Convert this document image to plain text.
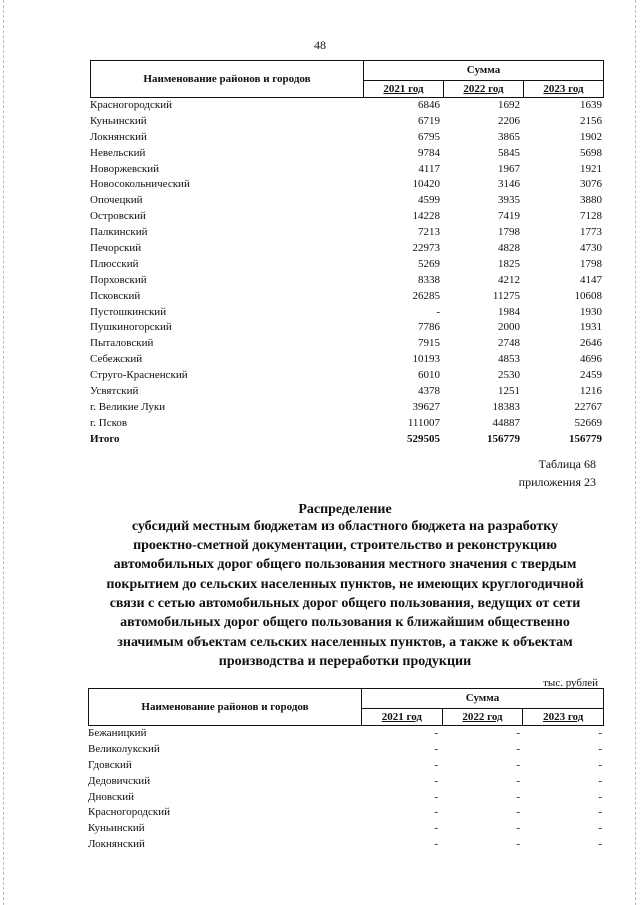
48
Наименование районов и городов
Сумма
2021 год	2022 год	2023 год
Красногородский	6846	1692	1639
Куньинский	6719	2206	2156
Локнянский	6795	3865	1902
Невельский	9784	5845	5698
Новоржевский	4117	1967	1921
Новосокольнический	10420	3146	3076
Опочецкий	4599	3935	3880
Островский	14228	7419	7128
Палкинский	7213	1798	1773
Печорский	22973	4828	4730
Плюсский	5269	1825	1798
Порховский	8338	4212	4147
Псковский	26285	11275	10608
Пустошкинский	-	1984	1930
Пушкиногорский	7786	2000	1931
Пыталовский	7915	2748	2646
Себежский	10193	4853	4696
Струго-Красненский	6010	2530	2459
Усвятский	4378	1251	1216
г. Великие Луки	39627	18383	22767
г. Псков	111007	44887	52669
Итого	529505	156779	156779
Таблица 68
приложения 23
Распределение
субсидий местным бюджетам из областного бюджета на разработку
проектно-сметной документации, строительство и реконструкцию
автомобильных дорог общего пользования местного значения с твердым
покрытием до сельских населенных пунктов, не имеющих круглогодичной
связи с сетью автомобильных дорог общего пользования, ведущих от сети
автомобильных дорог общего пользования к ближайшим общественно
значимым объектам сельских населенных пунктов, а также к объектам
производства и переработки продукции
тыс. рублей
Наименование районов и городов
Сумма
2021 год	2022 год	2023 год
Бежаницкий	-	-	-
Великолукский	-	-	-
Гдовский	-	-	-
Дедовичский	-	-	-
Дновский	-	-	-
Красногородский	-	-	-
Куньинский	-	-	-
Локнянский	-	-	-
